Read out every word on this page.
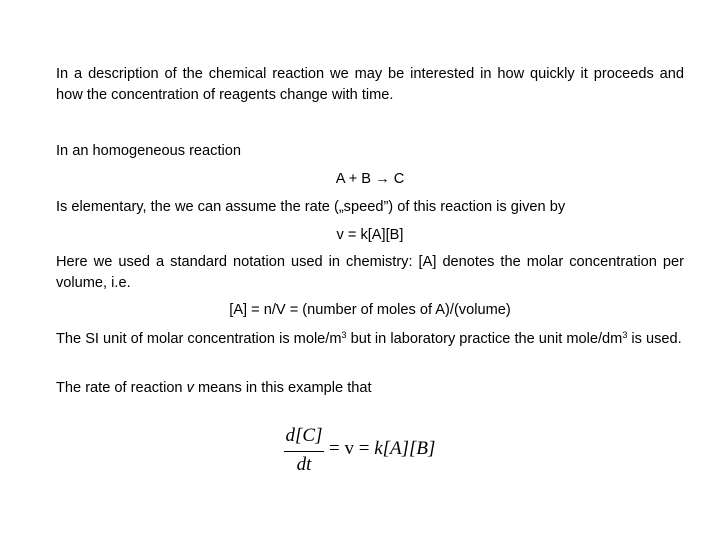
In a description of the chemical reaction we may be interested in how quickly it proceeds and how the concentration of reagents change with time.
In an homogeneous reaction
A + B → C
Is elementary, the we can assume the rate („speed”) of this reaction is given by
v = k[A][B]
Here we used a standard notation used in chemistry: [A] denotes the molar concentration per volume, i.e.
[A] = n/V = (number of moles of A)/(volume)
The SI unit of molar concentration is mole/$m^3$ but in laboratory practice the unit mole/$dm^3$ is used.
The rate of reaction v means in this example that
d[C]
dt
= v = k[A][B]
